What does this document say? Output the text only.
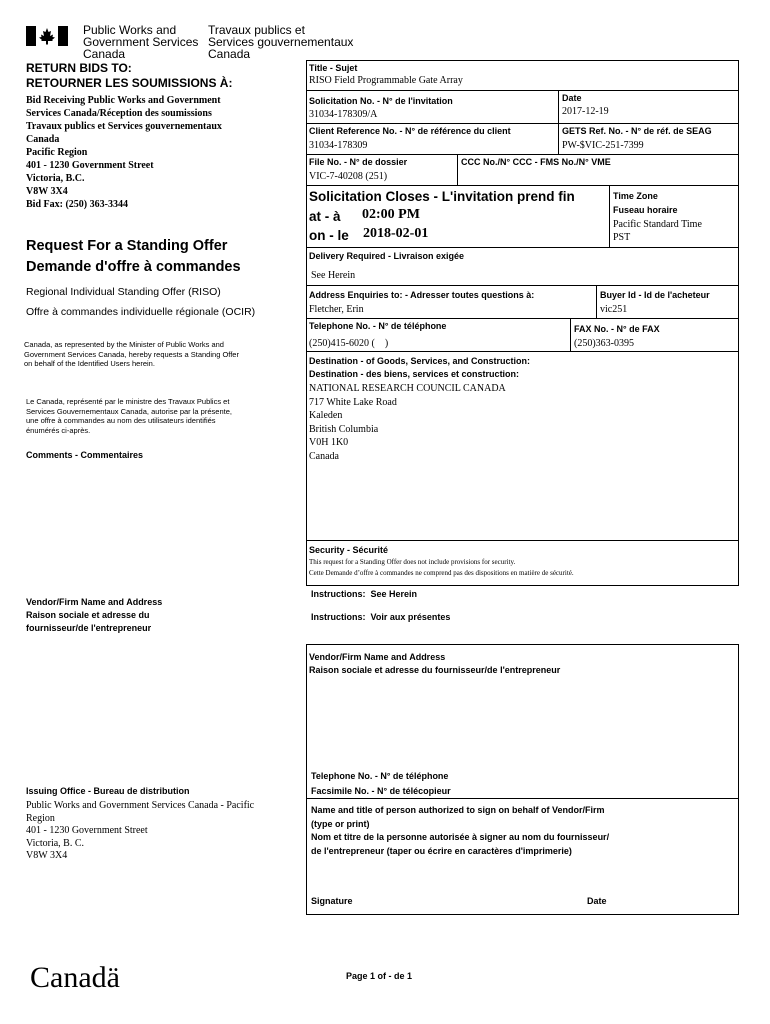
Public Works and
Government Services
Canada
Travaux publics et
Services gouvernementaux
Canada
RETURN BIDS TO:
RETOURNER LES SOUMISSIONS À:
Bid Receiving Public Works and Government
Services Canada/Réception des soumissions
Travaux publics et Services gouvernementaux
Canada
Pacific Region
401 - 1230 Government Street
Victoria, B.C.
V8W 3X4
Bid Fax: (250) 363-3344
Request For a Standing Offer
Demande d'offre à commandes
Regional Individual Standing Offer (RISO)
Offre à commandes individuelle régionale (OCIR)
Canada, as represented by the Minister of Public Works and
Government Services Canada, hereby requests a Standing Offer
on behalf of the Identified Users herein.
Le Canada, représenté par le ministre des Travaux Publics et
Services Gouvernementaux Canada, autorise par la présente,
une offre à commandes au nom des utilisateurs identifiés
énumérés ci-après.
Comments - Commentaires
Vendor/Firm Name and Address
Raison sociale et adresse du
fournisseur/de l'entrepreneur
Issuing Office - Bureau de distribution
Public Works and Government Services Canada - Pacific
Region
401 - 1230 Government Street
Victoria, B. C.
V8W 3X4
Title - Sujet
RISO Field Programmable Gate Array
Solicitation No. - N° de l'invitation
31034-178309/A
Date
2017-12-19
Client Reference No. - N° de référence du client
31034-178309
GETS Ref. No. - N° de réf. de SEAG
PW-$VIC-251-7399
File No. - N° de dossier
VIC-7-40208 (251)
CCC No./N° CCC - FMS No./N° VME
Solicitation Closes - L'invitation prend fin
at - à 02:00 PM
on - le 2018-02-01
Time Zone
Fuseau horaire
Pacific Standard Time
PST
Delivery Required - Livraison exigée
See Herein
Address Enquiries to: - Adresser toutes questions à:
Fletcher, Erin
Buyer Id - Id de l'acheteur
vic251
Telephone No. - N° de téléphone
(250)415-6020 (    )
FAX No. - N° de FAX
(250)363-0395
Destination - of Goods, Services, and Construction:
Destination - des biens, services et construction:
NATIONAL RESEARCH COUNCIL CANADA
717 White Lake Road
Kaleden
British Columbia
V0H 1K0
Canada
Security - Sécurité
This request for a Standing Offer does not include provisions for security.
Cette Demande d’offre à commandes ne comprend pas des dispositions en matière de sécurité.
Instructions:  See Herein
Instructions:  Voir aux présentes
Vendor/Firm Name and Address
Raison sociale et adresse du fournisseur/de l'entrepreneur
Telephone No. - N° de téléphone
Facsimile No. - N° de télécopieur
Name and title of person authorized to sign on behalf of Vendor/Firm
(type or print)
Nom et titre de la personne autorisée à signer au nom du fournisseur/
de l'entrepreneur (taper ou écrire en caractères d'imprimerie)
Signature	Date
Canadä	Page 1 of - de 1
